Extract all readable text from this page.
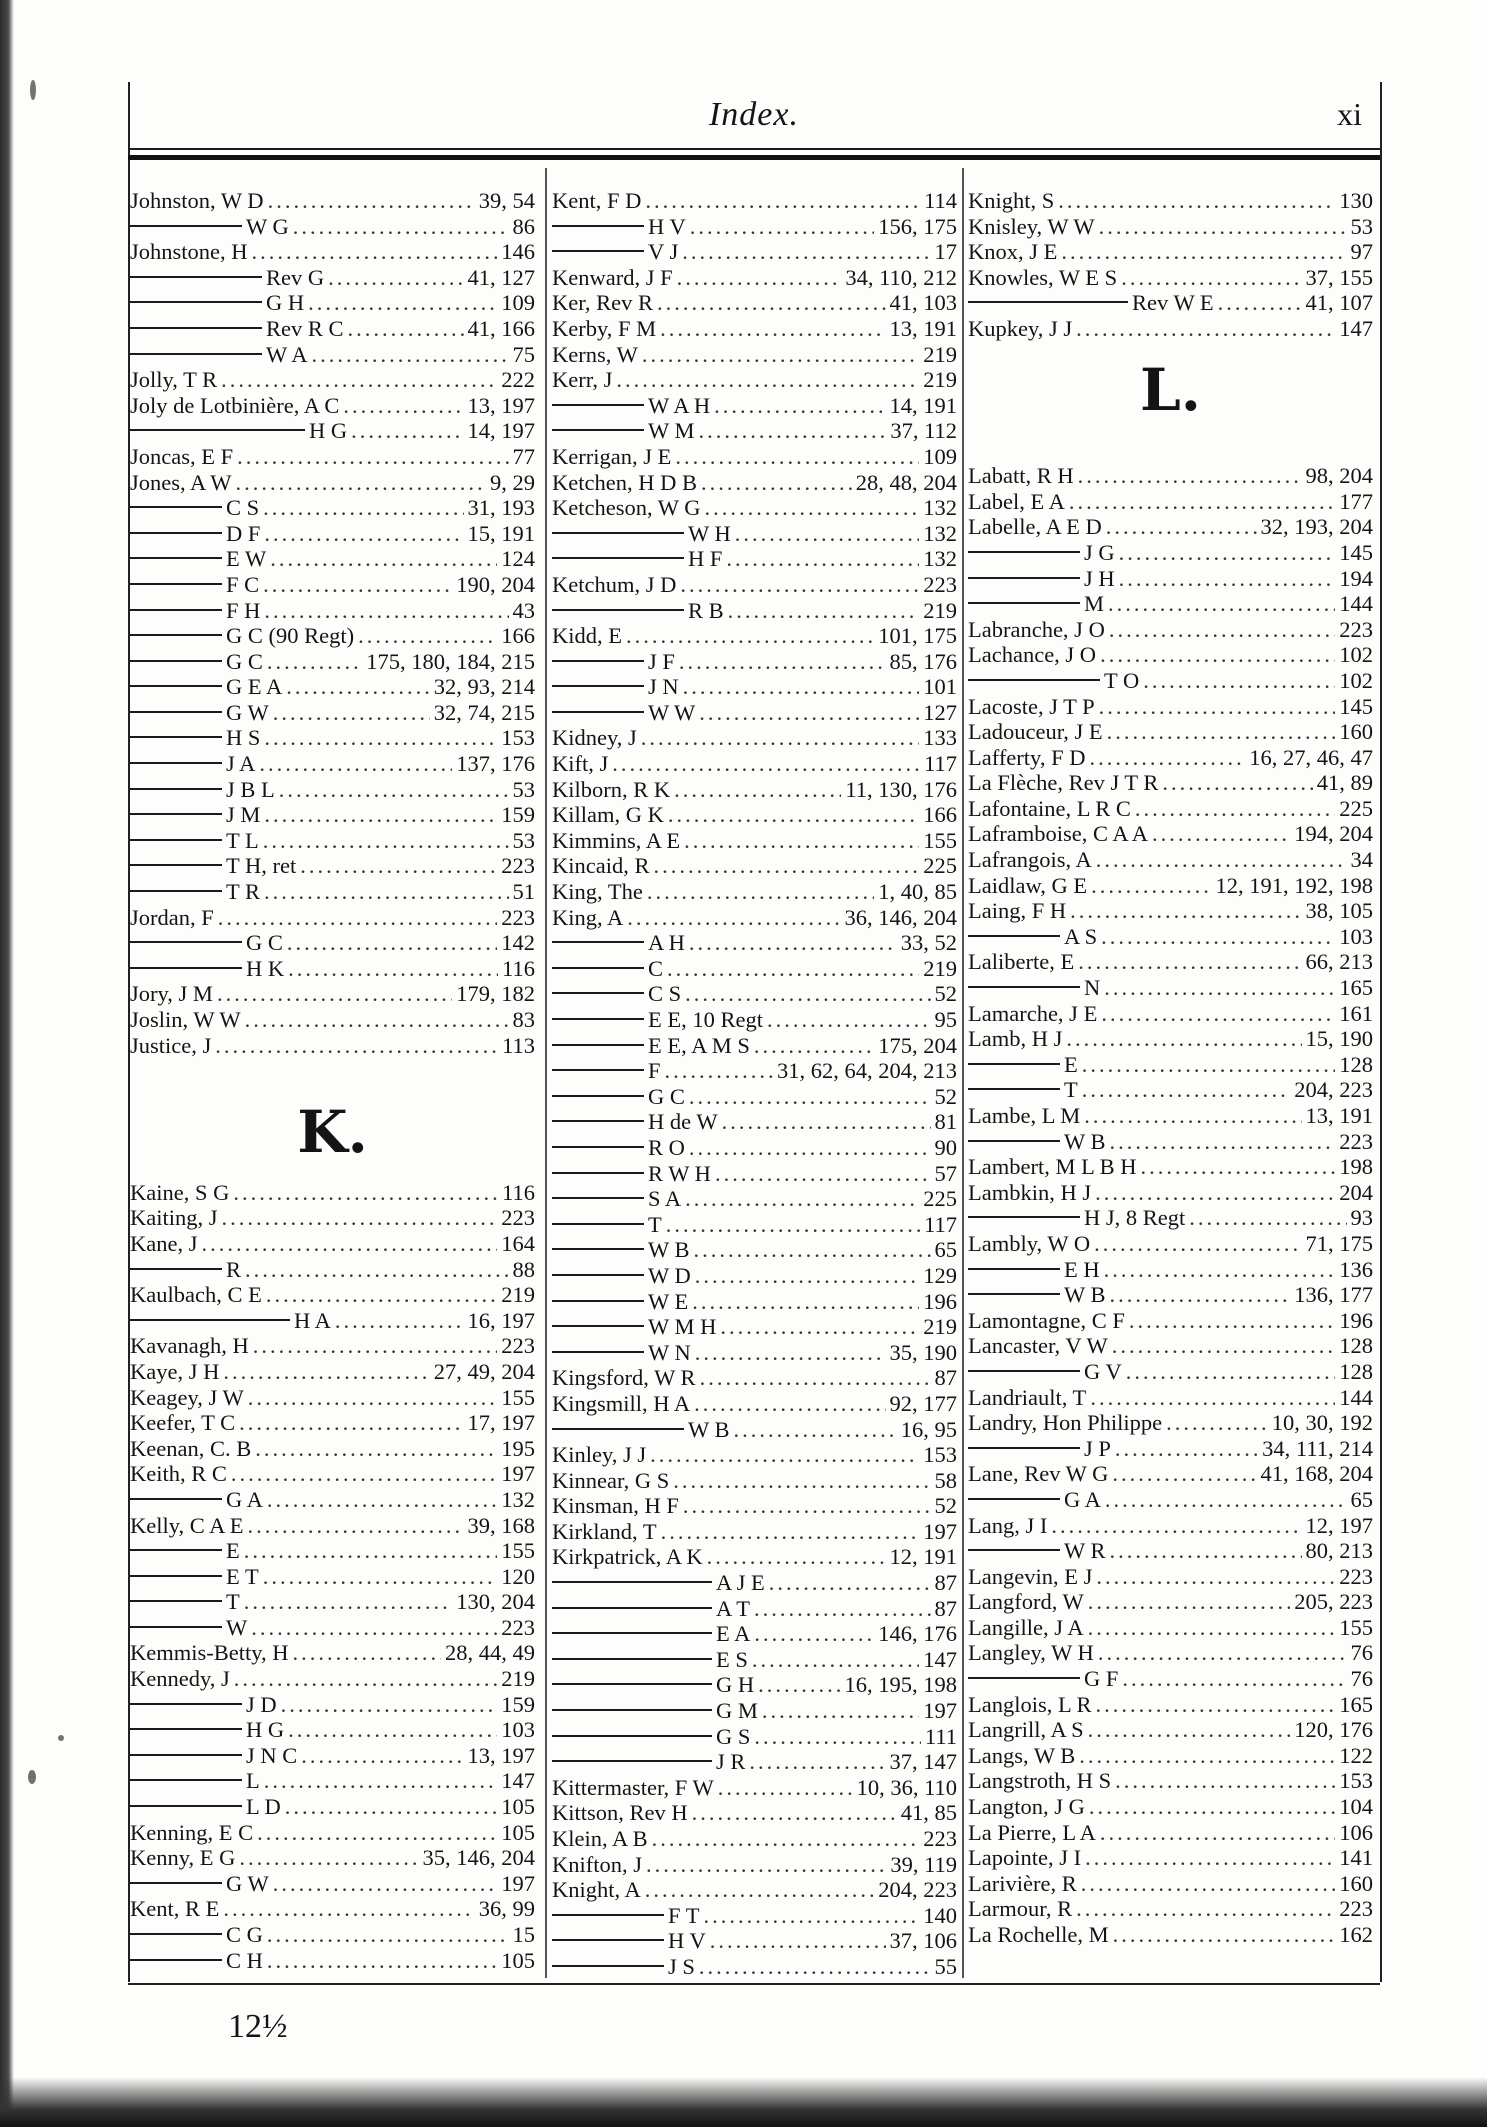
Index.	xi
Johnston, W D .....	39, 54
W G .....	86
Johnstone, H .....	146
Rev G .....	41, 127
G H .....	109
Rev R C .....	41, 166
W A .....	75
Jolly, T R .....	222
Joly de Lotbinière, A C .....	13, 197
H G .....	14, 197
Joncas, E F .....	77
Jones, A W .....	9, 29
C S .....	31, 193
D F .....	15, 191
E W .....	124
F C .....	190, 204
F H .....	43
G C (90 Regt) .....	166
G C .....	175, 180, 184, 215
G E A .....	32, 93, 214
G W .....	32, 74, 215
H S .....	153
J A .....	137, 176
J B L .....	53
J M .....	159
T L .....	53
T H, ret .....	223
T R .....	51
Jordan, F .....	223
G C .....	142
H K .....	116
Jory, J M .....	179, 182
Joslin, W W .....	83
Justice, J .....	113
K.
Kaine, S G .....	116
Kaiting, J .....	223
Kane, J .....	164
R .....	88
Kaulbach, C E .....	219
H A .....	16, 197
Kavanagh, H .....	223
Kaye, J H .....	27, 49, 204
Keagey, J W .....	155
Keefer, T C .....	17, 197
Keenan, C. B .....	195
Keith, R C .....	197
G A .....	132
Kelly, C A E .....	39, 168
E .....	155
E T .....	120
T .....	130, 204
W .....	223
Kemmis-Betty, H .....	28, 44, 49
Kennedy, J .....	219
J D .....	159
H G .....	103
J N C .....	13, 197
L .....	147
L D .....	105
Kenning, E C .....	105
Kenny, E G .....	35, 146, 204
G W .....	197
Kent, R E .....	36, 99
C G .....	15
C H .....	105
Kent, F D .....	114
H V .....	156, 175
V J .....	17
Kenward, J F .....	34, 110, 212
Ker, Rev R .....	41, 103
Kerby, F M .....	13, 191
Kerns, W .....	219
Kerr, J .....	219
W A H .....	14, 191
W M .....	37, 112
Kerrigan, J E .....	109
Ketchen, H D B .....	28, 48, 204
Ketcheson, W G .....	132
W H .....	132
H F .....	132
Ketchum, J D .....	223
R B .....	219
Kidd, E .....	101, 175
J F .....	85, 176
J N .....	101
W W .....	127
Kidney, J .....	133
Kift, J .....	117
Kilborn, R K .....	11, 130, 176
Killam, G K .....	166
Kimmins, A E .....	155
Kincaid, R .....	225
King, The .....	1, 40, 85
King, A .....	36, 146, 204
A H .....	33, 52
C .....	219
C S .....	52
E E, 10 Regt .....	95
E E, A M S .....	175, 204
F .....	31, 62, 64, 204, 213
G C .....	52
H de W .....	81
R O .....	90
R W H .....	57
S A .....	225
T .....	117
W B .....	65
W D .....	129
W E .....	196
W M H .....	219
W N .....	35, 190
Kingsford, W R .....	87
Kingsmill, H A .....	92, 177
W B .....	16, 95
Kinley, J J .....	153
Kinnear, G S .....	58
Kinsman, H F .....	52
Kirkland, T .....	197
Kirkpatrick, A K .....	12, 191
A J E .....	87
A T .....	87
E A .....	146, 176
E S .....	147
G H .....	16, 195, 198
G M .....	197
G S .....	111
J R .....	37, 147
Kittermaster, F W .....	10, 36, 110
Kittson, Rev H .....	41, 85
Klein, A B .....	223
Knifton, J .....	39, 119
Knight, A .....	204, 223
F T .....	140
H V .....	37, 106
J S .....	55
Knight, S .....	130
Knisley, W W .....	53
Knox, J E .....	97
Knowles, W E S .....	37, 155
Rev W E .....	41, 107
Kupkey, J J .....	147
L.
Labatt, R H .....	98, 204
Label, E A .....	177
Labelle, A E D .....	32, 193, 204
J G .....	145
J H .....	194
M .....	144
Labranche, J O .....	223
Lachance, J O .....	102
T O .....	102
Lacoste, J T P .....	145
Ladouceur, J E .....	160
Lafferty, F D .....	16, 27, 46, 47
La Flèche, Rev J T R .....	41, 89
Lafontaine, L R C .....	225
Laframboise, C A A .....	194, 204
Lafrangois, A .....	34
Laidlaw, G E .....	12, 191, 192, 198
Laing, F H .....	38, 105
A S .....	103
Laliberte, E .....	66, 213
N .....	165
Lamarche, J E .....	161
Lamb, H J .....	15, 190
E .....	128
T .....	204, 223
Lambe, L M .....	13, 191
W B .....	223
Lambert, M L B H .....	198
Lambkin, H J .....	204
H J, 8 Regt .....	93
Lambly, W O .....	71, 175
E H .....	136
W B .....	136, 177
Lamontagne, C F .....	196
Lancaster, V W .....	128
G V .....	128
Landriault, T .....	144
Landry, Hon Philippe .....	10, 30, 192
J P .....	34, 111, 214
Lane, Rev W G .....	41, 168, 204
G A .....	65
Lang, J I .....	12, 197
W R .....	80, 213
Langevin, E J .....	223
Langford, W .....	205, 223
Langille, J A .....	155
Langley, W H .....	76
G F .....	76
Langlois, L R .....	165
Langrill, A S .....	120, 176
Langs, W B .....	122
Langstroth, H S .....	153
Langton, J G .....	104
La Pierre, L A .....	106
Lapointe, J I .....	141
Larivière, R .....	160
Larmour, R .....	223
La Rochelle, M .....	162
12½
